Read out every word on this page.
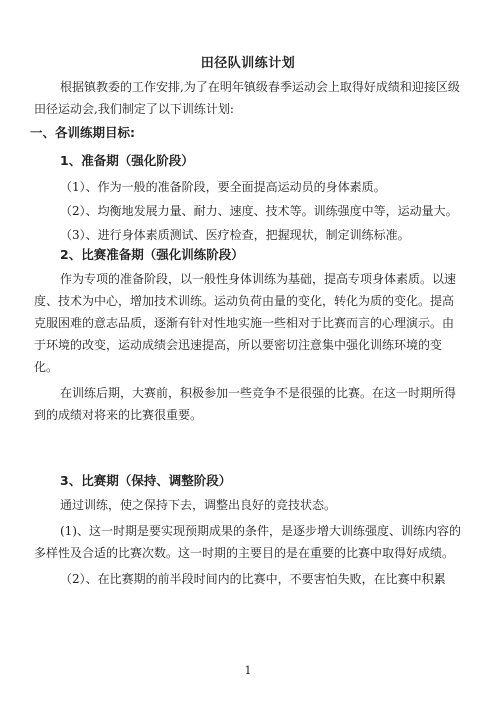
田径队训练计划

根据镇教委的工作安排,为了在明年镇级春季运动会上取得好成绩和迎接区级田径运动会,我们制定了以下训练计划:

一、各训练期目标:

1、准备期（强化阶段）

（1）、作为一般的准备阶段，要全面提高运动员的身体素质。

（2）、均衡地发展力量、耐力、速度、技术等。训练强度中等，运动量大。

（3）、进行身体素质测试、医疗检查，把握现状，制定训练标准。

2、比赛准备期（强化训练阶段）

作为专项的准备阶段，以一般性身体训练为基础，提高专项身体素质。以速度、技术为中心，增加技术训练。运动负荷由量的变化，转化为质的变化。提高克服困难的意志品质，逐渐有针对性地实施一些相对于比赛而言的心理演示。由于环境的改变，运动成绩会迅速提高，所以要密切注意集中强化训练环境的变化。

在训练后期，大赛前，积极参加一些竞争不是很强的比赛。在这一时期所得到的成绩对将来的比赛很重要。

3、比赛期（保持、调整阶段）

通过训练，使之保持下去，调整出良好的竞技状态。

(1)、这一时期是要实现预期成果的条件，是逐步增大训练强度、训练内容的多样性及合适的比赛次数。这一时期的主要目的是在重要的比赛中取得好成绩。

（2）、在比赛期的前半段时间内的比赛中，不要害怕失败，在比赛中积累

1
